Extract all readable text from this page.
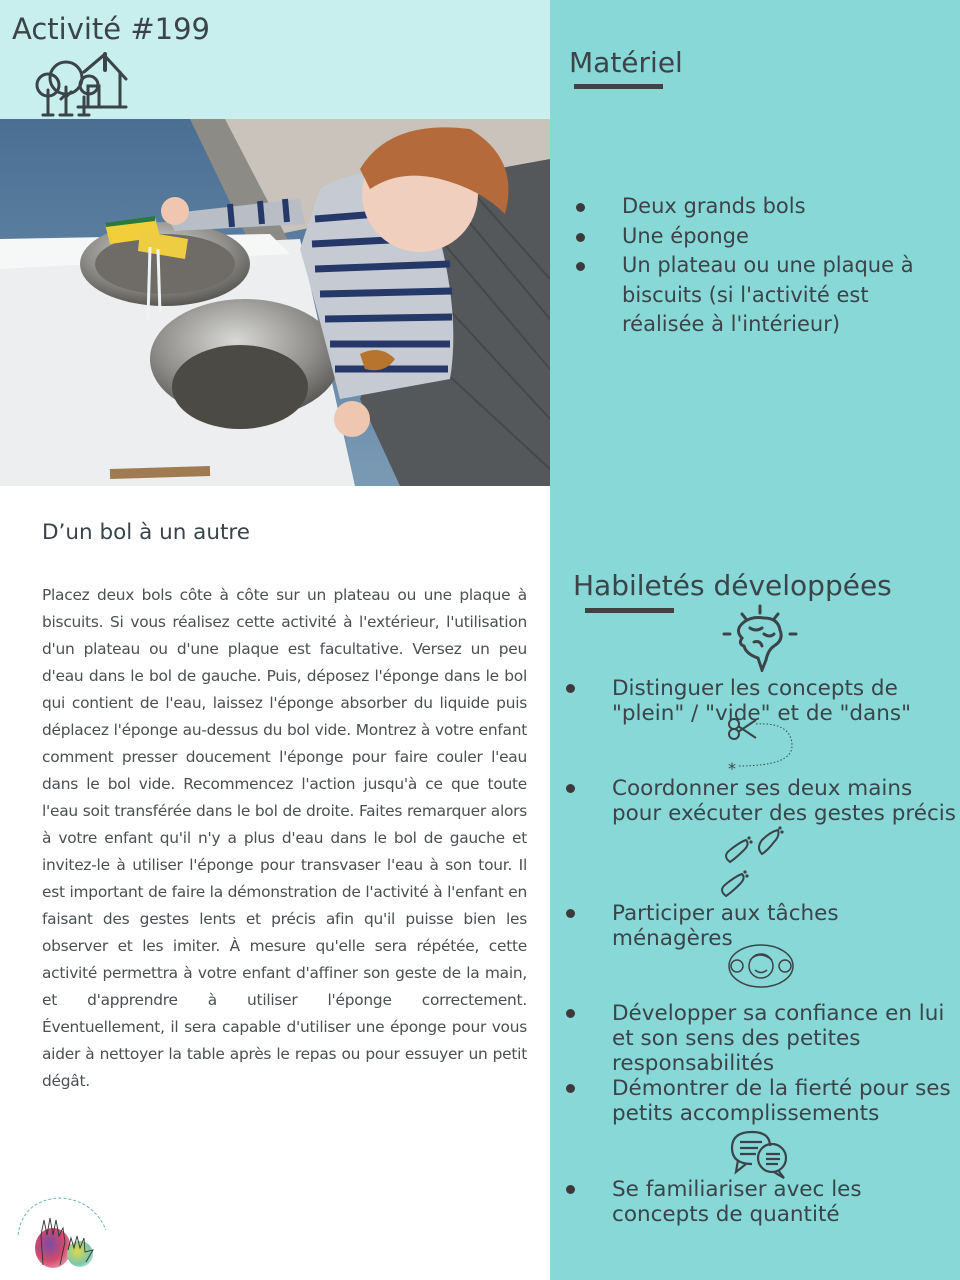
Activité #199
D’un bol à un autre
Placez deux bols côte à côte sur un plateau ou une plaque à biscuits. Si vous réalisez cette activité à l'extérieur, l'utilisation d'un plateau ou d'une plaque est facultative. Versez un peu d'eau dans le bol de gauche. Puis, déposez l'éponge dans le bol qui contient de l'eau, laissez l'éponge absorber du liquide puis déplacez l'éponge au-dessus du bol vide. Montrez à votre enfant comment presser doucement l'éponge pour faire couler l'eau dans le bol vide. Recommencez l'action jusqu'à ce que toute l'eau soit transférée dans le bol de droite. Faites remarquer alors à votre enfant qu'il n'y a plus d'eau dans le bol de gauche et invitez-le à utiliser l'éponge pour transvaser l'eau à son tour. Il est important de faire la démonstration de l'activité à l'enfant en faisant des gestes lents et précis afin qu'il puisse bien les observer et les imiter. À mesure qu'elle sera répétée, cette activité permettra à votre enfant d'affiner son geste de la main, et d'apprendre à utiliser l'éponge correctement. Éventuellement, il sera capable d'utiliser une éponge pour vous aider à nettoyer la table après le repas ou pour essuyer un petit dégât.
Matériel
Deux grands bols
Une éponge
Un plateau ou une plaque à biscuits (si l'activité est réalisée à l'intérieur)
Habiletés développées
Distinguer les concepts de "plein" / "vide" et de "dans"
*
Coordonner ses deux mains pour exécuter des gestes précis
Participer aux tâches ménagères
Développer sa confiance en lui et son sens des petites responsabilités
Démontrer de la fierté pour ses petits accomplissements
Se familiariser avec les concepts de quantité
